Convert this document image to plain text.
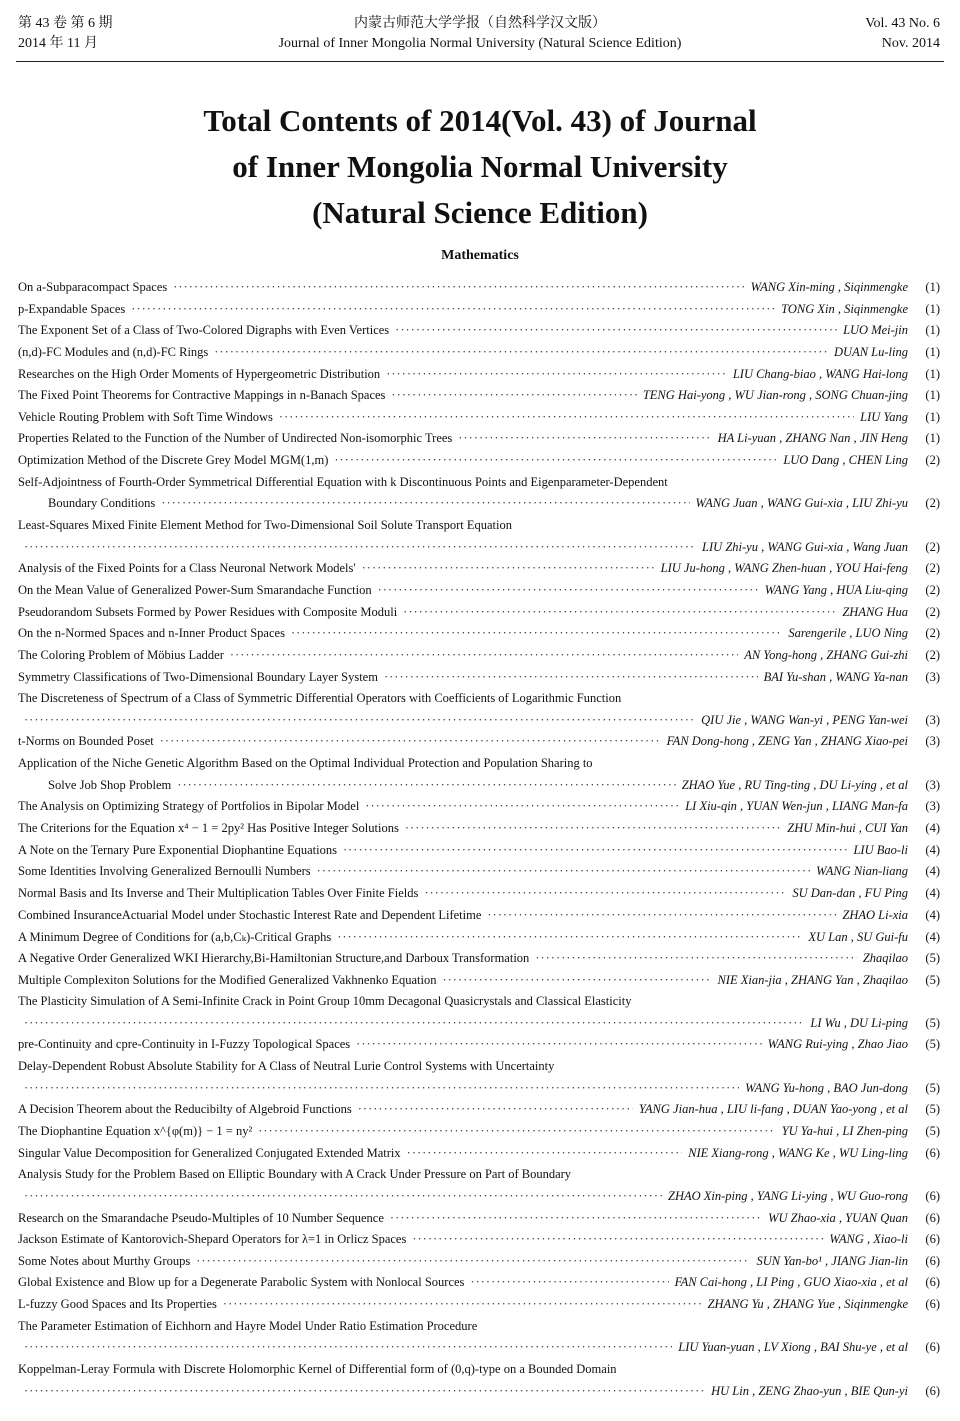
第 43 卷 第 6 期
2014 年 11 月
内蒙古师范大学学报（自然科学汉文版）
Journal of Inner Mongolia Normal University (Natural Science Edition)
Vol. 43 No. 6
Nov. 2014
Total Contents of 2014(Vol. 43) of Journal
of Inner Mongolia Normal University
(Natural Science Edition)
Mathematics
On a-Subparacompact Spaces ·····	WANG Xin-ming , Siqinmengke	(1)
p-Expandable Spaces ·····	TONG Xin , Siqinmengke	(1)
The Exponent Set of a Class of Two-Colored Digraphs with Even Vertices ·····	LUO Mei-jin	(1)
(n,d)-FC Modules and (n,d)-FC Rings ·····	DUAN Lu-ling	(1)
Researches on the High Order Moments of Hypergeometric Distribution ·····	LIU Chang-biao , WANG Hai-long	(1)
The Fixed Point Theorems for Contractive Mappings in n-Banach Spaces ·····	TENG Hai-yong , WU Jian-rong , SONG Chuan-jing	(1)
Vehicle Routing Problem with Soft Time Windows ·····	LIU Yang	(1)
Properties Related to the Function of the Number of Undirected Non-isomorphic Trees ·····	HA Li-yuan , ZHANG Nan , JIN Heng	(1)
Optimization Method of the Discrete Grey Model MGM(1,m) ·····	LUO Dang , CHEN Ling	(2)
Self-Adjointness of Fourth-Order Symmetrical Differential Equation with k Discontinuous Points and Eigenparameter-Dependent
Boundary Conditions ·····	WANG Juan , WANG Gui-xia , LIU Zhi-yu	(2)
Least-Squares Mixed Finite Element Method for Two-Dimensional Soil Solute Transport Equation
·····
LIU Zhi-yu , WANG Gui-xia , Wang Juan	(2)
Analysis of the Fixed Points for a Class Neuronal Network Models' ·····	LIU Ju-hong , WANG Zhen-huan , YOU Hai-feng	(2)
On the Mean Value of Generalized Power-Sum Smarandache Function ·····	WANG Yang , HUA Liu-qing	(2)
Pseudorandom Subsets Formed by Power Residues with Composite Moduli ·····	ZHANG Hua	(2)
On the n-Normed Spaces and n-Inner Product Spaces ·····	Sarengerile , LUO Ning	(2)
The Coloring Problem of Möbius Ladder ·····	AN Yong-hong , ZHANG Gui-zhi	(2)
Symmetry Classifications of Two-Dimensional Boundary Layer System ·····	BAI Yu-shan , WANG Ya-nan	(3)
The Discreteness of Spectrum of a Class of Symmetric Differential Operators with Coefficients of Logarithmic Function
·····
QIU Jie , WANG Wan-yi , PENG Yan-wei	(3)
t-Norms on Bounded Poset ·····	FAN Dong-hong , ZENG Yan , ZHANG Xiao-pei	(3)
Application of the Niche Genetic Algorithm Based on the Optimal Individual Protection and Population Sharing to
Solve Job Shop Problem ·····	ZHAO Yue , RU Ting-ting , DU Li-ying , et al	(3)
The Analysis on Optimizing Strategy of Portfolios in Bipolar Model ·····	LI Xiu-qin , YUAN Wen-jun , LIANG Man-fa	(3)
The Criterions for the Equation x⁴ − 1 = 2py² Has Positive Integer Solutions ·····	ZHU Min-hui , CUI Yan	(4)
A Note on the Ternary Pure Exponential Diophantine Equations ·····	LIU Bao-li	(4)
Some Identities Involving Generalized Bernoulli Numbers ·····	WANG Nian-liang	(4)
Normal Basis and Its Inverse and Their Multiplication Tables Over Finite Fields ·····	SU Dan-dan , FU Ping	(4)
Combined InsuranceActuarial Model under Stochastic Interest Rate and Dependent Lifetime ·····	ZHAO Li-xia	(4)
A Minimum Degree of Conditions for (a,b,Cₖ)-Critical Graphs ·····	XU Lan , SU Gui-fu	(4)
A Negative Order Generalized WKI Hierarchy,Bi-Hamiltonian Structure,and Darboux Transformation ·····	Zhaqilao	(5)
Multiple Complexiton Solutions for the Modified Generalized Vakhnenko Equation ·····	NIE Xian-jia , ZHANG Yan , Zhaqilao	(5)
The Plasticity Simulation of A Semi-Infinite Crack in Point Group 10mm Decagonal Quasicrystals and Classical Elasticity
·····
LI Wu , DU Li-ping	(5)
pre-Continuity and cpre-Continuity in I-Fuzzy Topological Spaces ·····	WANG Rui-ying , Zhao Jiao	(5)
Delay-Dependent Robust Absolute Stability for A Class of Neutral Lurie Control Systems with Uncertainty
·····
WANG Yu-hong , BAO Jun-dong	(5)
A Decision Theorem about the Reducibilty of Algebroid Functions ·····	YANG Jian-hua , LIU li-fang , DUAN Yao-yong , et al	(5)
The Diophantine Equation x^{φ(m)} − 1 = ny² ·····	YU Ya-hui , LI Zhen-ping	(5)
Singular Value Decomposition for Generalized Conjugated Extended Matrix ·····	NIE Xiang-rong , WANG Ke , WU Ling-ling	(6)
Analysis Study for the Problem Based on Elliptic Boundary with A Crack Under Pressure on Part of Boundary
·····
ZHAO Xin-ping , YANG Li-ying , WU Guo-rong	(6)
Research on the Smarandache Pseudo-Multiples of 10 Number Sequence ·····	WU Zhao-xia , YUAN Quan	(6)
Jackson Estimate of Kantorovich-Shepard Operators for λ=1 in Orlicz Spaces ·····	WANG , Xiao-li	(6)
Some Notes about Murthy Groups ·····	SUN Yan-bo¹ , JIANG Jian-lin	(6)
Global Existence and Blow up for a Degenerate Parabolic System with Nonlocal Sources ·····	FAN Cai-hong , LI Ping , GUO Xiao-xia , et al	(6)
L-fuzzy Good Spaces and Its Properties ·····	ZHANG Yu , ZHANG Yue , Siqinmengke	(6)
The Parameter Estimation of Eichhorn and Hayre Model Under Ratio Estimation Procedure
·····
LIU Yuan-yuan , LV Xiong , BAI Shu-ye , et al	(6)
Koppelman-Leray Formula with Discrete Holomorphic Kernel of Differential form of (0,q)-type on a Bounded Domain
·····
HU Lin , ZENG Zhao-yun , BIE Qun-yi	(6)
